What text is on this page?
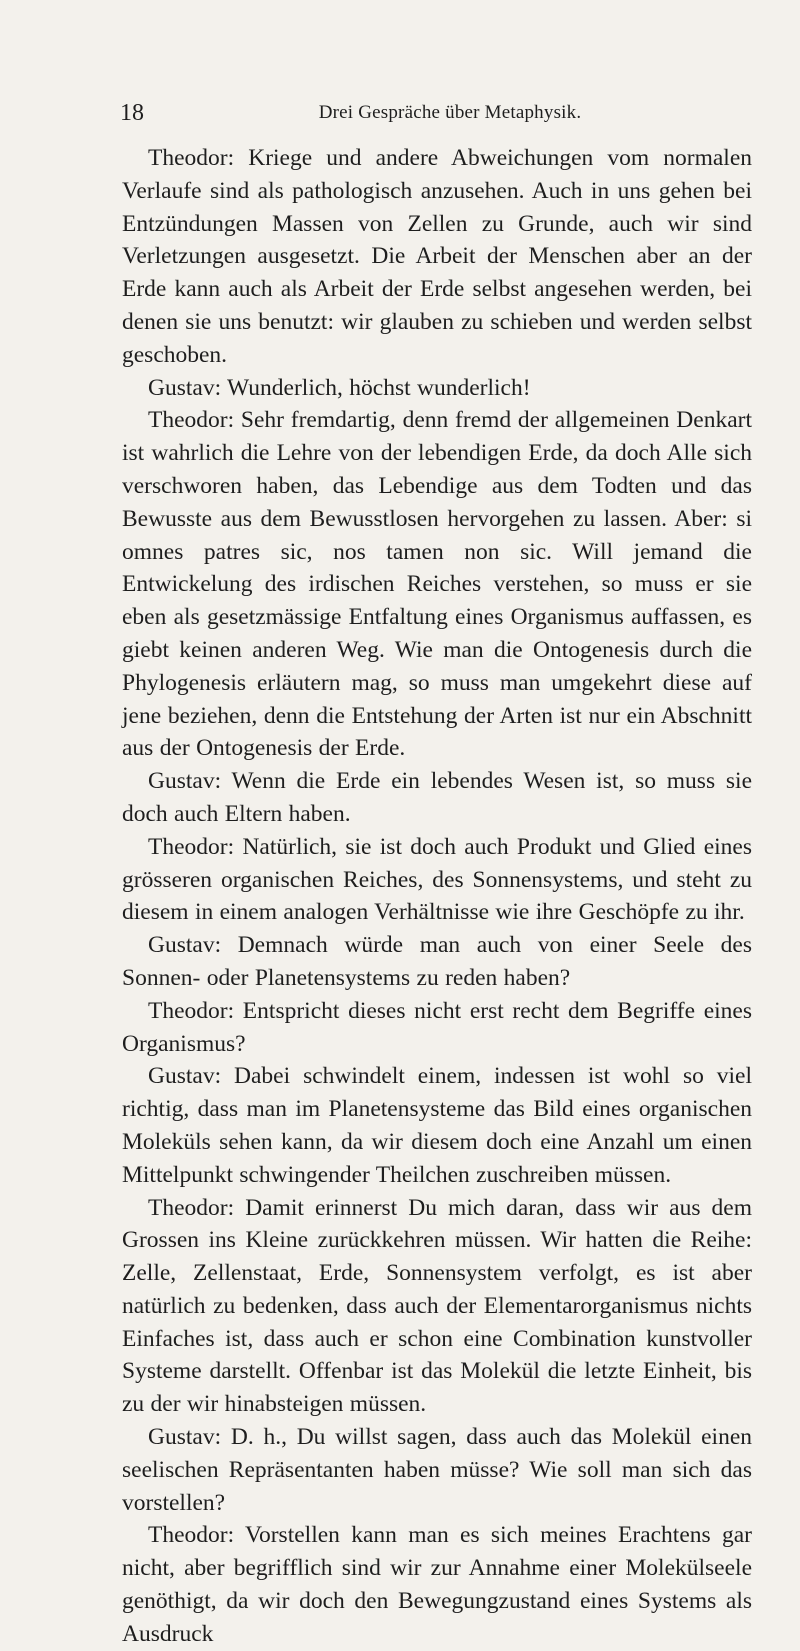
18	Drei Gespräche über Metaphysik.

Theodor: Kriege und andere Abweichungen vom normalen Verlaufe sind als pathologisch anzusehen. Auch in uns gehen bei Entzündungen Massen von Zellen zu Grunde, auch wir sind Verletzungen ausgesetzt. Die Arbeit der Menschen aber an der Erde kann auch als Arbeit der Erde selbst angesehen werden, bei denen sie uns benutzt: wir glauben zu schieben und werden selbst geschoben.

Gustav: Wunderlich, höchst wunderlich!

Theodor: Sehr fremdartig, denn fremd der allgemeinen Denkart ist wahrlich die Lehre von der lebendigen Erde, da doch Alle sich verschworen haben, das Lebendige aus dem Todten und das Bewusste aus dem Bewusstlosen hervorgehen zu lassen. Aber: si omnes patres sic, nos tamen non sic. Will jemand die Entwickelung des irdischen Reiches verstehen, so muss er sie eben als gesetzmässige Entfaltung eines Organismus auffassen, es giebt keinen anderen Weg. Wie man die Ontogenesis durch die Phylogenesis erläutern mag, so muss man umgekehrt diese auf jene beziehen, denn die Entstehung der Arten ist nur ein Abschnitt aus der Ontogenesis der Erde.

Gustav: Wenn die Erde ein lebendes Wesen ist, so muss sie doch auch Eltern haben.

Theodor: Natürlich, sie ist doch auch Produkt und Glied eines grösseren organischen Reiches, des Sonnensystems, und steht zu diesem in einem analogen Verhältnisse wie ihre Geschöpfe zu ihr.

Gustav: Demnach würde man auch von einer Seele des Sonnen- oder Planetensystems zu reden haben?

Theodor: Entspricht dieses nicht erst recht dem Begriffe eines Organismus?

Gustav: Dabei schwindelt einem, indessen ist wohl so viel richtig, dass man im Planetensysteme das Bild eines organischen Moleküls sehen kann, da wir diesem doch eine Anzahl um einen Mittelpunkt schwingender Theilchen zuschreiben müssen.

Theodor: Damit erinnerst Du mich daran, dass wir aus dem Grossen ins Kleine zurückkehren müssen. Wir hatten die Reihe: Zelle, Zellenstaat, Erde, Sonnensystem verfolgt, es ist aber natürlich zu bedenken, dass auch der Elementarorganismus nichts Einfaches ist, dass auch er schon eine Combination kunstvoller Systeme darstellt. Offenbar ist das Molekül die letzte Einheit, bis zu der wir hinabsteigen müssen.

Gustav: D. h., Du willst sagen, dass auch das Molekül einen seelischen Repräsentanten haben müsse? Wie soll man sich das vorstellen?

Theodor: Vorstellen kann man es sich meines Erachtens gar nicht, aber begrifflich sind wir zur Annahme einer Molekülseele genöthigt, da wir doch den Bewegungzustand eines Systems als Ausdruck
